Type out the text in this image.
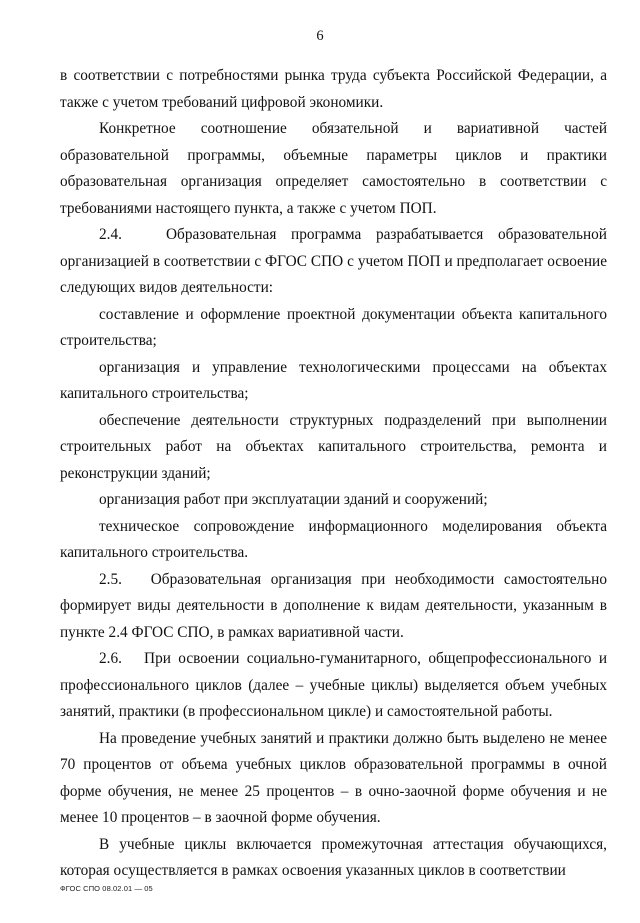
6

в соответствии с потребностями рынка труда субъекта Российской Федерации, а также с учетом требований цифровой экономики.

Конкретное соотношение обязательной и вариативной частей образовательной программы, объемные параметры циклов и практики образовательная организация определяет самостоятельно в соответствии с требованиями настоящего пункта, а также с учетом ПОП.

2.4.   Образовательная программа разрабатывается образовательной организацией в соответствии с ФГОС СПО с учетом ПОП и предполагает освоение следующих видов деятельности:

составление и оформление проектной документации объекта капитального строительства;

организация и управление технологическими процессами на объектах капитального строительства;

обеспечение деятельности структурных подразделений при выполнении строительных работ на объектах капитального строительства, ремонта и реконструкции зданий;

организация работ при эксплуатации зданий и сооружений;

техническое сопровождение информационного моделирования объекта капитального строительства.

2.5.   Образовательная организация при необходимости самостоятельно формирует виды деятельности в дополнение к видам деятельности, указанным в пункте 2.4 ФГОС СПО, в рамках вариативной части.

2.6.   При освоении социально-гуманитарного, общепрофессионального и профессионального циклов (далее – учебные циклы) выделяется объем учебных занятий, практики (в профессиональном цикле) и самостоятельной работы.

На проведение учебных занятий и практики должно быть выделено не менее 70 процентов от объема учебных циклов образовательной программы в очной форме обучения, не менее 25 процентов – в очно-заочной форме обучения и не менее 10 процентов – в заочной форме обучения.

В учебные циклы включается промежуточная аттестация обучающихся, которая осуществляется в рамках освоения указанных циклов в соответствии

ФГОС СПО 08.02.01 — 05
